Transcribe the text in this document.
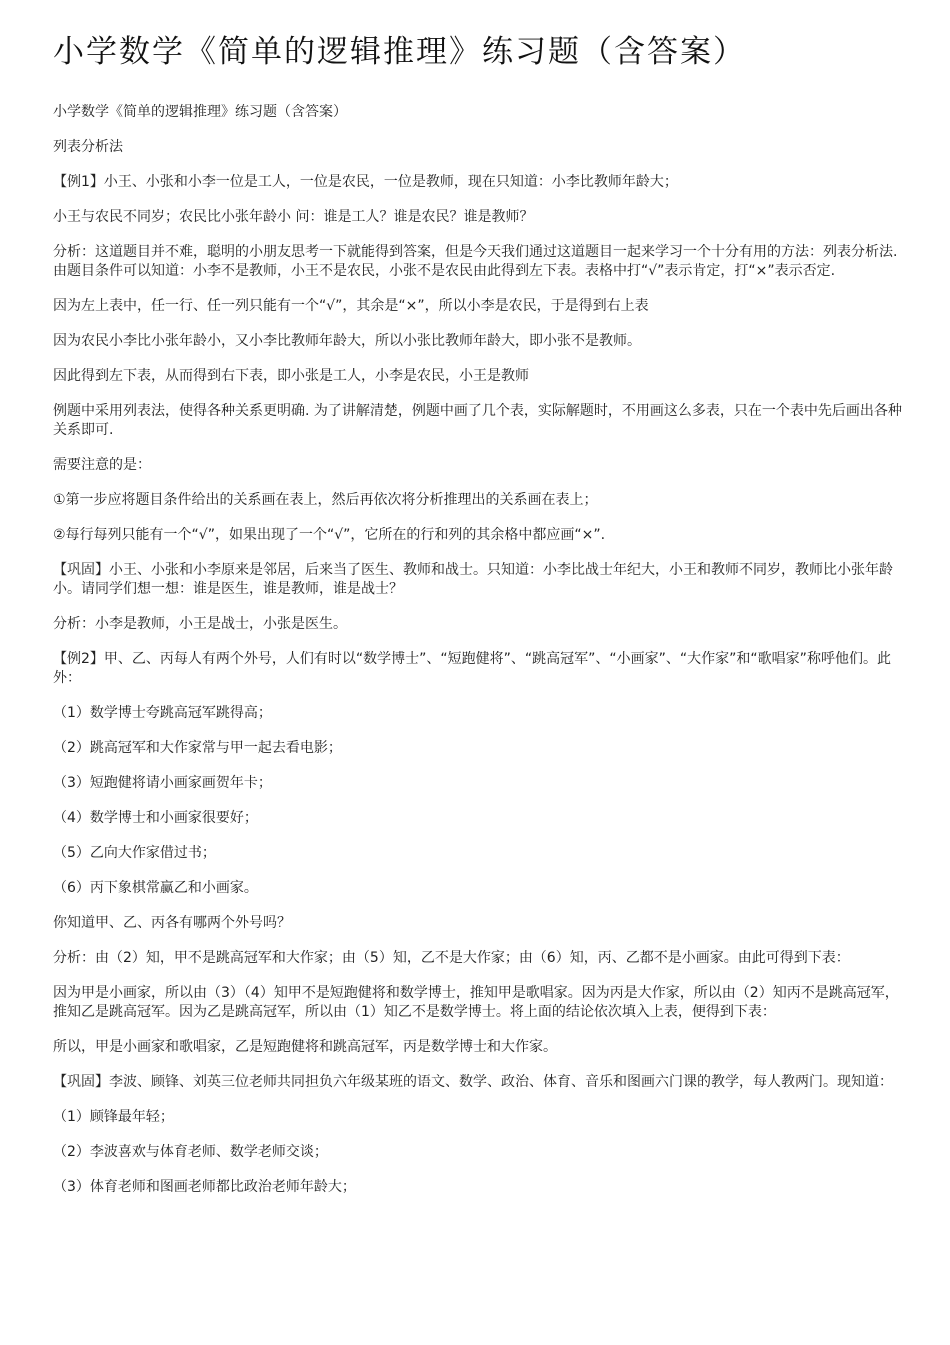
小学数学《简单的逻辑推理》练习题（含答案）

小学数学《简单的逻辑推理》练习题（含答案）

列表分析法

【例1】小王、小张和小李一位是工人，一位是农民，一位是教师，现在只知道：小李比教师年龄大；

小王与农民不同岁；农民比小张年龄小 问：谁是工人？谁是农民？谁是教师？

分析：这道题目并不难，聪明的小朋友思考一下就能得到答案，但是今天我们通过这道题目一起来学习一个十分有用的方法：列表分析法. 由题目条件可以知道：小李不是教师，小王不是农民，小张不是农民由此得到左下表。表格中打“√”表示肯定，打“×”表示否定.

因为左上表中，任一行、任一列只能有一个“√”，其余是“×”，所以小李是农民，于是得到右上表

因为农民小李比小张年龄小，又小李比教师年龄大，所以小张比教师年龄大，即小张不是教师。

因此得到左下表，从而得到右下表，即小张是工人，小李是农民，小王是教师

例题中采用列表法，使得各种关系更明确. 为了讲解清楚，例题中画了几个表，实际解题时，不用画这么多表，只在一个表中先后画出各种关系即可.

需要注意的是：

①第一步应将题目条件给出的关系画在表上，然后再依次将分析推理出的关系画在表上；

②每行每列只能有一个“√”，如果出现了一个“√”，它所在的行和列的其余格中都应画“×”.

【巩固】小王、小张和小李原来是邻居，后来当了医生、教师和战士。只知道：小李比战士年纪大，小王和教师不同岁，教师比小张年龄小。请同学们想一想：谁是医生，谁是教师，谁是战士？

分析：小李是教师，小王是战士，小张是医生。

【例2】甲、乙、丙每人有两个外号，人们有时以“数学博士”、“短跑健将”、“跳高冠军”、“小画家”、“大作家”和“歌唱家”称呼他们。此外：

（1）数学博士夸跳高冠军跳得高；

（2）跳高冠军和大作家常与甲一起去看电影；

（3）短跑健将请小画家画贺年卡；

（4）数学博士和小画家很要好；

（5）乙向大作家借过书；

（6）丙下象棋常赢乙和小画家。

你知道甲、乙、丙各有哪两个外号吗？

分析：由（2）知，甲不是跳高冠军和大作家；由（5）知，乙不是大作家；由（6）知，丙、乙都不是小画家。由此可得到下表：

因为甲是小画家，所以由（3）（4）知甲不是短跑健将和数学博士，推知甲是歌唱家。因为丙是大作家，所以由（2）知丙不是跳高冠军，推知乙是跳高冠军。因为乙是跳高冠军，所以由（1）知乙不是数学博士。将上面的结论依次填入上表，便得到下表：

所以，甲是小画家和歌唱家，乙是短跑健将和跳高冠军，丙是数学博士和大作家。

【巩固】李波、顾锋、刘英三位老师共同担负六年级某班的语文、数学、政治、体育、音乐和图画六门课的教学，每人教两门。现知道：

（1）顾锋最年轻；

（2）李波喜欢与体育老师、数学老师交谈；

（3）体育老师和图画老师都比政治老师年龄大；
